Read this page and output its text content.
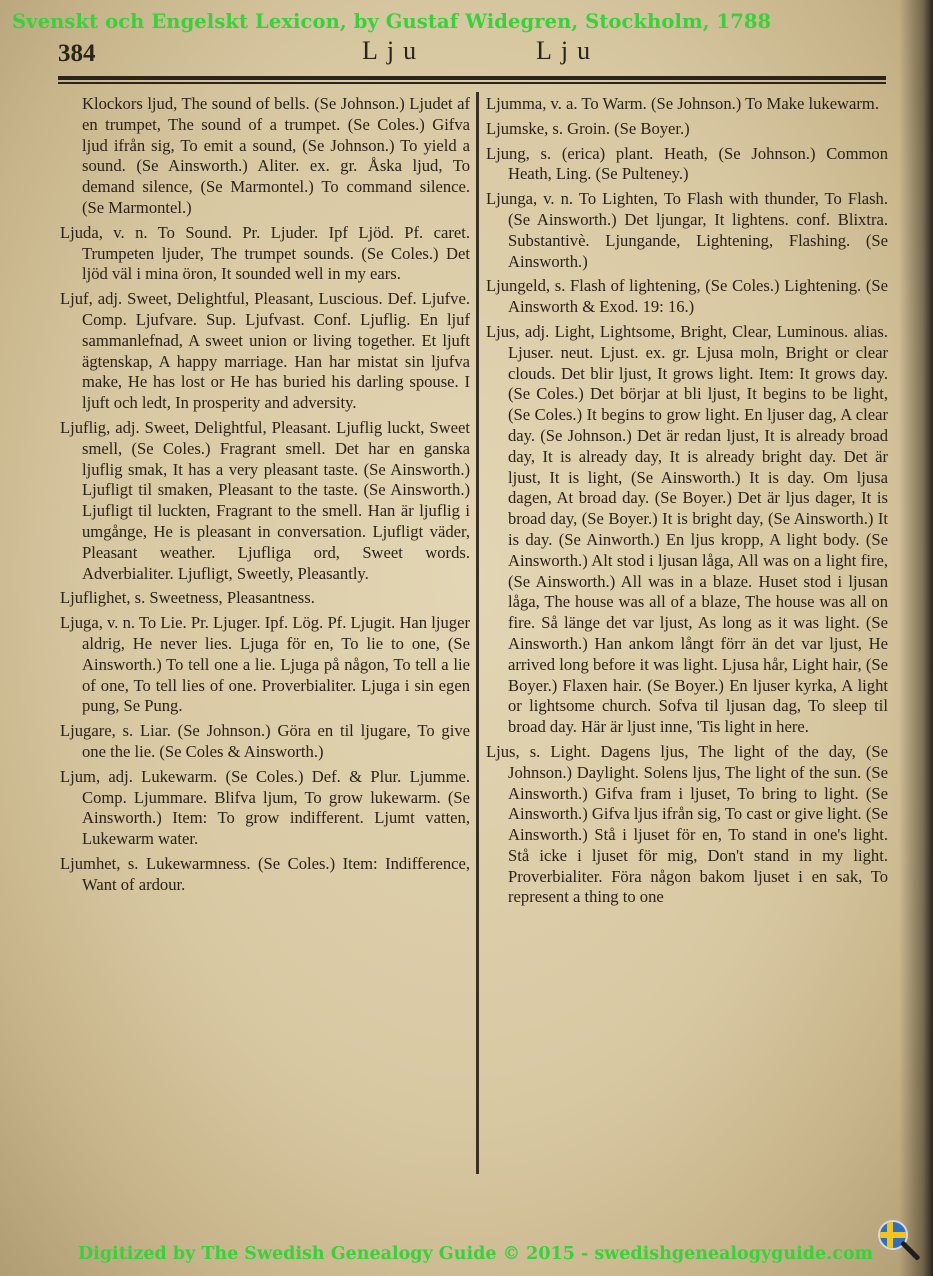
Svenskt och Engelskt Lexicon, by Gustaf Widegren, Stockholm, 1788
384	Lju	Lju

Klockors ljud, The sound of bells. (Se Johnson.) Ljudet af en trumpet, The sound of a trumpet. (Se Coles.) Gifva ljud ifrån sig, To emit a sound, (Se Johnson.) To yield a sound. (Se Ainsworth.) Aliter. ex. gr. Åska ljud, To demand silence, (Se Marmontel.) To command silence. (Se Marmontel.)

Ljuda, v. n. To Sound. Pr. Ljuder. Ipf Ljöd. Pf. caret. Trumpeten ljuder, The trumpet sounds. (Se Coles.) Det ljöd väl i mina öron, It sounded well in my ears.

Ljuf, adj. Sweet, Delightful, Pleasant, Luscious. Def. Ljufve. Comp. Ljufvare. Sup. Ljufvast. Conf. Ljuflig. En ljuf sammanlefnad, A sweet union or living together. Et ljuft ägtenskap, A happy marriage. Han har mistat sin ljufva make, He has lost or He has buried his darling spouse. I ljuft och ledt, In prosperity and adversity.

Ljuflig, adj. Sweet, Delightful, Pleasant. Ljuflig luckt, Sweet smell, (Se Coles.) Fragrant smell. Det har en ganska ljuflig smak, It has a very pleasant taste. (Se Ainsworth.) Ljufligt til smaken, Pleasant to the taste. (Se Ainsworth.) Ljufligt til luckten, Fragrant to the smell. Han är ljuflig i umgånge, He is pleasant in conversation. Ljufligt väder, Pleasant weather. Ljufliga ord, Sweet words. Adverbialiter. Ljufligt, Sweetly, Pleasantly.

Ljuflighet, s. Sweetness, Pleasantness.

Ljuga, v. n. To Lie. Pr. Ljuger. Ipf. Lög. Pf. Ljugit. Han ljuger aldrig, He never lies. Ljuga för en, To lie to one, (Se Ainsworth.) To tell one a lie. Ljuga på någon, To tell a lie of one, To tell lies of one. Proverbialiter. Ljuga i sin egen pung, Se Pung.

Ljugare, s. Liar. (Se Johnson.) Göra en til ljugare, To give one the lie. (Se Coles & Ainsworth.)

Ljum, adj. Lukewarm. (Se Coles.) Def. & Plur. Ljumme. Comp. Ljummare. Blifva ljum, To grow lukewarm. (Se Ainsworth.) Item: To grow indifferent. Ljumt vatten, Lukewarm water.

Ljumhet, s. Lukewarmness. (Se Coles.) Item: Indifference, Want of ardour.

Ljumma, v. a. To Warm. (Se Johnson.) To Make lukewarm.

Ljumske, s. Groin. (Se Boyer.)

Ljung, s. (erica) plant. Heath, (Se Johnson.) Common Heath, Ling. (Se Pulteney.)

Ljunga, v. n. To Lighten, To Flash with thunder, To Flash. (Se Ainsworth.) Det ljungar, It lightens. conf. Blixtra. Substantivè. Ljungande, Lightening, Flashing. (Se Ainsworth.)

Ljungeld, s. Flash of lightening, (Se Coles.) Lightening. (Se Ainsworth & Exod. 19: 16.)

Ljus, adj. Light, Lightsome, Bright, Clear, Luminous. alias. Ljuser. neut. Ljust. ex. gr. Ljusa moln, Bright or clear clouds. Det blir ljust, It grows light. Item: It grows day. (Se Coles.) Det börjar at bli ljust, It begins to be light, (Se Coles.) It begins to grow light. En ljuser dag, A clear day. (Se Johnson.) Det är redan ljust, It is already broad day, It is already day, It is already bright day. Det är ljust, It is light, (Se Ainsworth.) It is day. Om ljusa dagen, At broad day. (Se Boyer.) Det är ljus dager, It is broad day, (Se Boyer.) It is bright day, (Se Ainsworth.) It is day. (Se Ainworth.) En ljus kropp, A light body. (Se Ainsworth.) Alt stod i ljusan låga, All was on a light fire, (Se Ainsworth.) All was in a blaze. Huset stod i ljusan låga, The house was all of a blaze, The house was all on fire. Så länge det var ljust, As long as it was light. (Se Ainsworth.) Han ankom långt förr än det var ljust, He arrived long before it was light. Ljusa hår, Light hair, (Se Boyer.) Flaxen hair. (Se Boyer.) En ljuser kyrka, A light or lightsome church. Sofva til ljusan dag, To sleep til broad day. Här är ljust inne, 'Tis light in here.

Ljus, s. Light. Dagens ljus, The light of the day, (Se Johnson.) Daylight. Solens ljus, The light of the sun. (Se Ainsworth.) Gifva fram i ljuset, To bring to light. (Se Ainsworth.) Gifva ljus ifrån sig, To cast or give light. (Se Ainsworth.) Stå i ljuset för en, To stand in one's light. Stå icke i ljuset för mig, Don't stand in my light. Proverbialiter. Föra någon bakom ljuset i en sak, To represent a thing to one

Digitized by The Swedish Genealogy Guide © 2015 - swedishgenealogyguide.com
